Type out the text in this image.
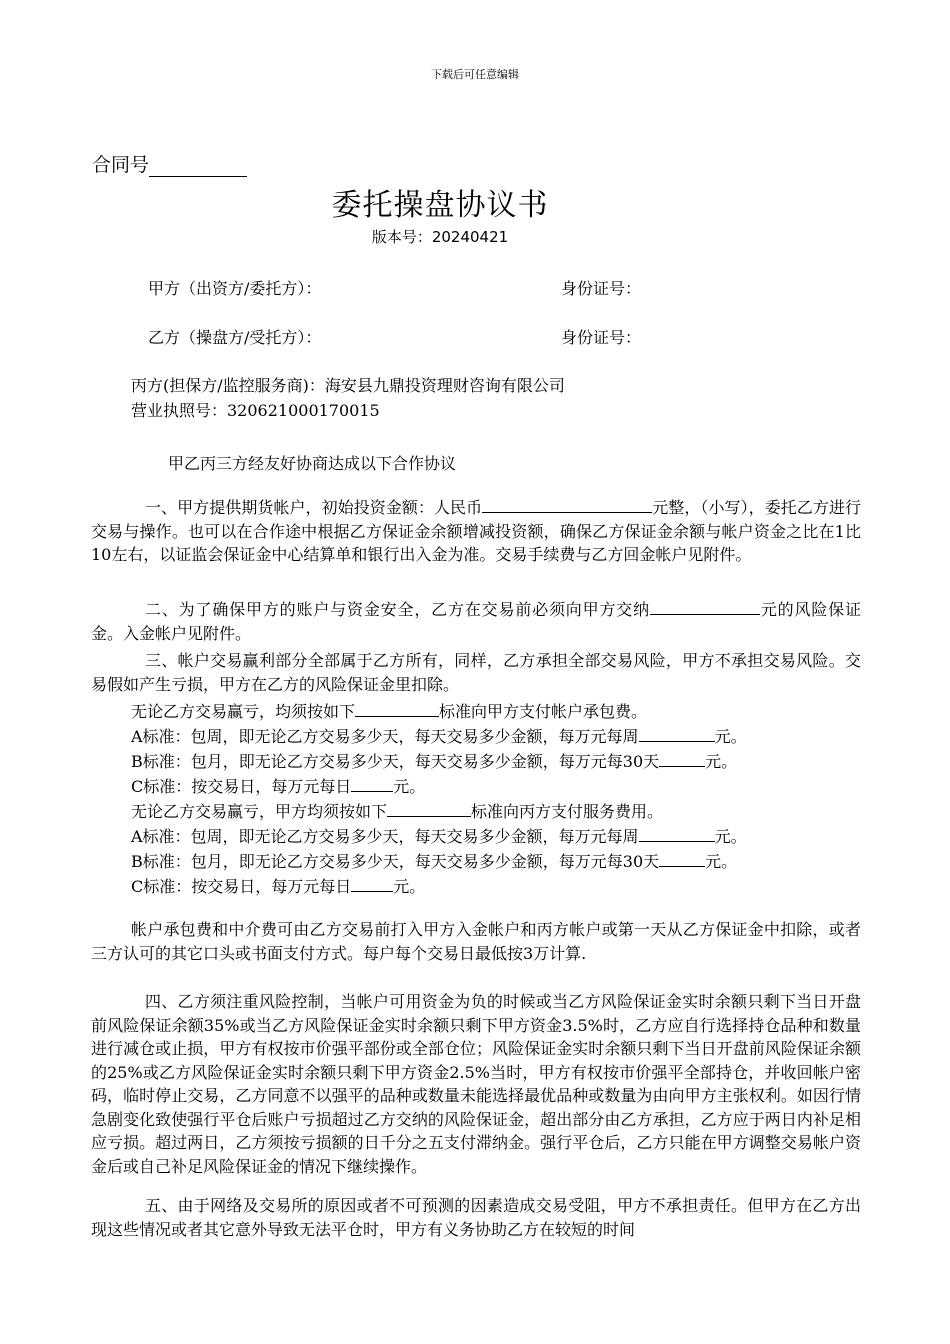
下载后可任意编辑
合同号
委托操盘协议书
版本号：20240421
甲方（出资方/委托方）：	身份证号：
乙方（操盘方/受托方）：	身份证号：
丙方(担保方/监控服务商)：海安县九鼎投资理财咨询有限公司
营业执照号：320621000170015
甲乙丙三方经友好协商达成以下合作协议

一、甲方提供期货帐户，初始投资金额：人民币	元整，（小写），委托乙方进行交易与操作。也可以在合作途中根据乙方保证金余额增减投资额，确保乙方保证金余额与帐户资金之比在1比10左右，以证监会保证金中心结算单和银行出入金为准。交易手续费与乙方回金帐户见附件。

二、为了确保甲方的账户与资金安全，乙方在交易前必须向甲方交纳	元的风险保证金。入金帐户见附件。

三、帐户交易赢利部分全部属于乙方所有，同样，乙方承担全部交易风险，甲方不承担交易风险。交易假如产生亏损，甲方在乙方的风险保证金里扣除。

无论乙方交易赢亏，均须按如下	标准向甲方支付帐户承包费。
A标准：包周，即无论乙方交易多少天，每天交易多少金额，每万元每周	元。
B标准：包月，即无论乙方交易多少天，每天交易多少金额，每万元每30天	元。
C标准：按交易日，每万元每日	元。
无论乙方交易赢亏，甲方均须按如下	标准向丙方支付服务费用。
A标准：包周，即无论乙方交易多少天，每天交易多少金额，每万元每周	元。
B标准：包月，即无论乙方交易多少天，每天交易多少金额，每万元每30天	元。
C标准：按交易日，每万元每日	元。

帐户承包费和中介费可由乙方交易前打入甲方入金帐户和丙方帐户或第一天从乙方保证金中扣除，或者三方认可的其它口头或书面支付方式。每户每个交易日最低按3万计算.

四、乙方须注重风险控制，当帐户可用资金为负的时候或当乙方风险保证金实时余额只剩下当日开盘前风险保证余额35%或当乙方风险保证金实时余额只剩下甲方资金3.5%时，乙方应自行选择持仓品种和数量进行减仓或止损，甲方有权按市价强平部份或全部仓位；风险保证金实时余额只剩下当日开盘前风险保证余额的25%或乙方风险保证金实时余额只剩下甲方资金2.5%当时，甲方有权按市价强平全部持仓，并收回帐户密码，临时停止交易，乙方同意不以强平的品种或数量未能选择最优品种或数量为由向甲方主张权利。如因行情急剧变化致使强行平仓后账户亏损超过乙方交纳的风险保证金，超出部分由乙方承担，乙方应于两日内补足相应亏损。超过两日，乙方须按亏损额的日千分之五支付滞纳金。强行平仓后，乙方只能在甲方调整交易帐户资金后或自己补足风险保证金的情况下继续操作。

五、由于网络及交易所的原因或者不可预测的因素造成交易受阻，甲方不承担责任。但甲方在乙方出现这些情况或者其它意外导致无法平仓时，甲方有义务协助乙方在较短的时间
